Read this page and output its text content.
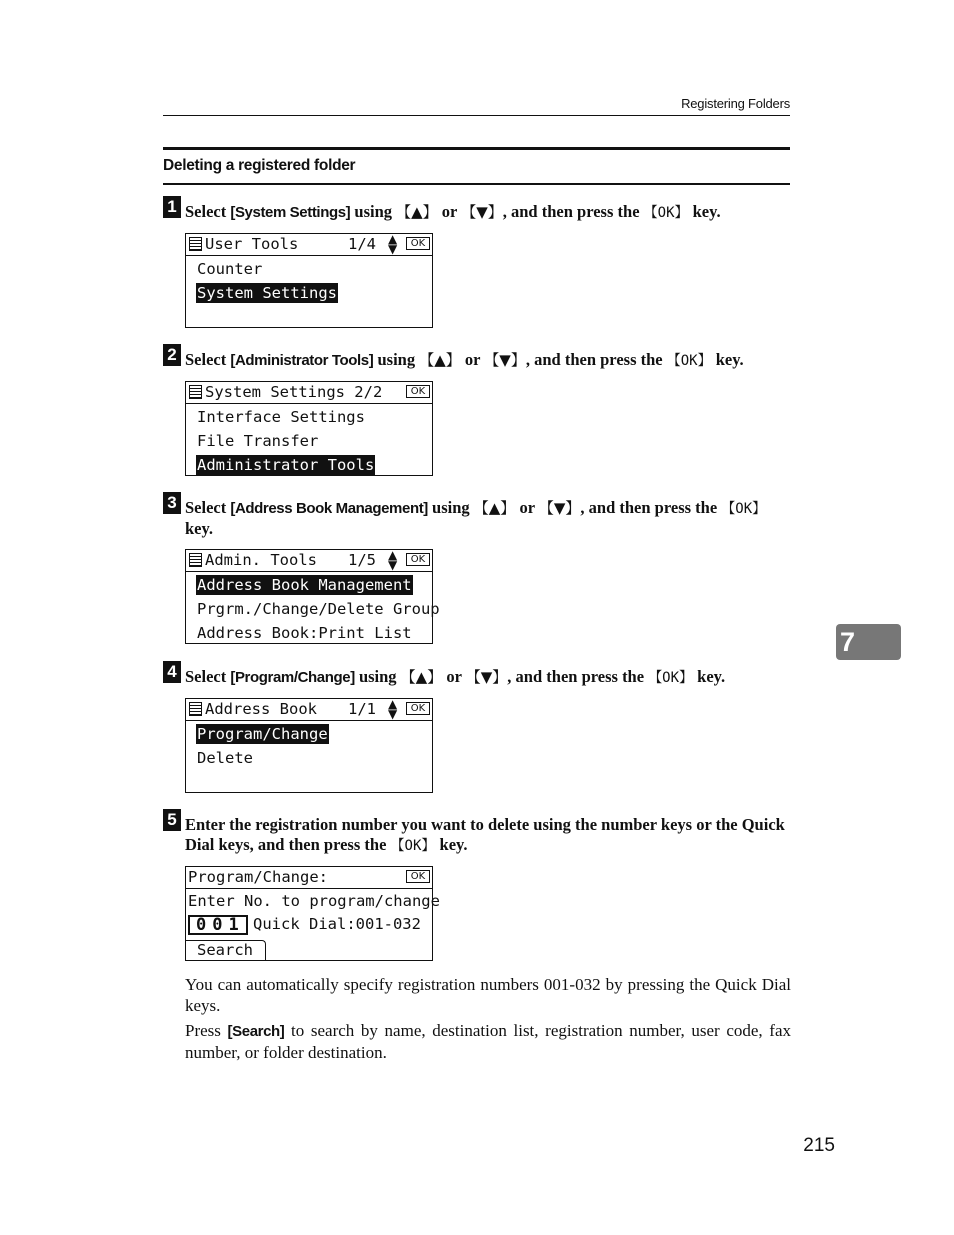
Registering Folders
Deleting a registered folder
1 Select [System Settings] using 【▲】 or 【▼】, and then press the 【OK】 key.
User Tools	1/4 ▲
▼	OK
Counter
System Settings
2 Select [Administrator Tools] using 【▲】 or 【▼】, and then press the 【OK】 key.
System Settings 2/2	OK
Interface Settings
File Transfer
Administrator Tools
3 Select [Address Book Management] using 【▲】 or 【▼】, and then press the 【OK】
key.
Admin. Tools 1/5 ▲
▼	OK
Address Book Management
Prgrm./Change/Delete Group
Address Book:Print List
4 Select [Program/Change] using 【▲】 or 【▼】, and then press the 【OK】 key.
Address Book 1/1 ▲
▼	OK
Program/Change
Delete
5 Enter the registration number you want to delete using the number keys or the Quick Dial keys, and then press the 【OK】 key.
Program/Change:	OK
Enter No. to program/change
001 Quick Dial:001-032
Search
You can automatically specify registration numbers 001-032 by pressing the Quick Dial keys.
Press [Search] to search by name, destination list, registration number, user code, fax number, or folder destination.
7
215
